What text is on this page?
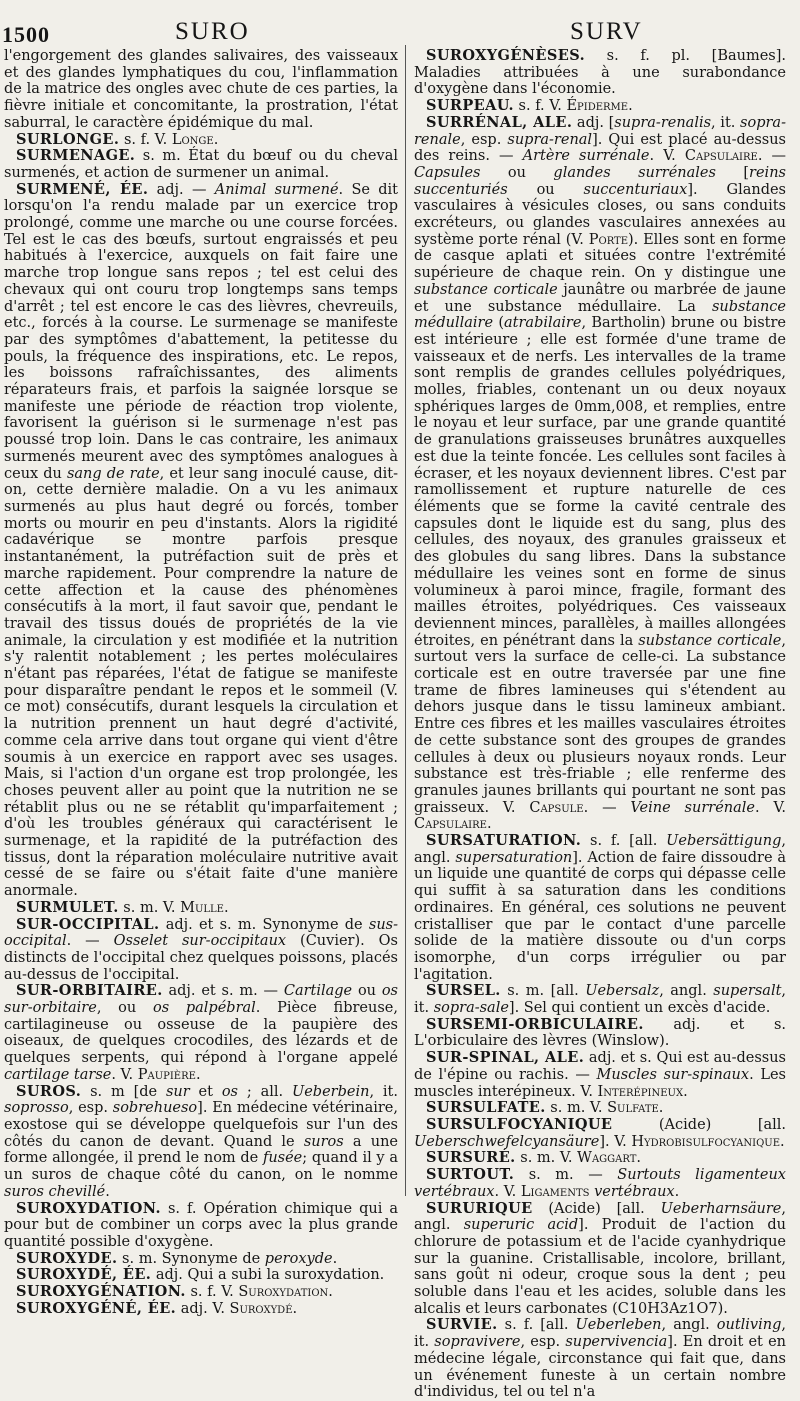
1500	SURO	SURV

l'engorgement des glandes salivaires, des vaisseaux et des glandes lymphatiques du cou, l'inflammation de la matrice des ongles avec chute de ces parties, la fièvre initiale et concomitante, la prostration, l'état saburral, le caractère épidémique du mal.

SURLONGE. s. f. V. Longe.

SURMENAGE. s. m. État du bœuf ou du cheval surmenés, et action de surmener un animal.

SURMENÉ, ÉE. adj. — Animal surmené. Se dit lorsqu'on l'a rendu malade par un exercice trop prolongé, comme une marche ou une course forcées. Tel est le cas des bœufs, surtout engraissés et peu habitués à l'exercice, auxquels on fait faire une marche trop longue sans repos ; tel est celui des chevaux qui ont couru trop longtemps sans temps d'arrêt ; tel est encore le cas des lièvres, chevreuils, etc., forcés à la course. Le surmenage se manifeste par des symptômes d'abattement, la petitesse du pouls, la fréquence des inspirations, etc. Le repos, les boissons rafraîchissantes, des aliments réparateurs frais, et parfois la saignée lorsque se manifeste une période de réaction trop violente, favorisent la guérison si le surmenage n'est pas poussé trop loin. Dans le cas contraire, les animaux surmenés meurent avec des symptômes analogues à ceux du sang de rate, et leur sang inoculé cause, dit-on, cette dernière maladie. On a vu les animaux surmenés au plus haut degré ou forcés, tomber morts ou mourir en peu d'instants. Alors la rigidité cadavérique se montre parfois presque instantanément, la putréfaction suit de près et marche rapidement. Pour comprendre la nature de cette affection et la cause des phénomènes consécutifs à la mort, il faut savoir que, pendant le travail des tissus doués de propriétés de la vie animale, la circulation y est modifiée et la nutrition s'y ralentit notablement ; les pertes moléculaires n'étant pas réparées, l'état de fatigue se manifeste pour disparaître pendant le repos et le sommeil (V. ce mot) consécutifs, durant lesquels la circulation et la nutrition prennent un haut degré d'activité, comme cela arrive dans tout organe qui vient d'être soumis à un exercice en rapport avec ses usages. Mais, si l'action d'un organe est trop prolongée, les choses peuvent aller au point que la nutrition ne se rétablit plus ou ne se rétablit qu'imparfaitement ; d'où les troubles généraux qui caractérisent le surmenage, et la rapidité de la putréfaction des tissus, dont la réparation moléculaire nutritive avait cessé de se faire ou s'était faite d'une manière anormale.

SURMULET. s. m. V. Mulle.

SUR-OCCIPITAL. adj. et s. m. Synonyme de sus-occipital. — Osselet sur-occipitaux (Cuvier). Os distincts de l'occipital chez quelques poissons, placés au-dessus de l'occipital.

SUR-ORBITAIRE. adj. et s. m. — Cartilage ou os sur-orbitaire, ou os palpébral. Pièce fibreuse, cartilagineuse ou osseuse de la paupière des oiseaux, de quelques crocodiles, des lézards et de quelques serpents, qui répond à l'organe appelé cartilage tarse. V. Paupière.

SUROS. s. m [de sur et os ; all. Ueberbein, it. soprosso, esp. sobrehueso]. En médecine vétérinaire, exostose qui se développe quelquefois sur l'un des côtés du canon de devant. Quand le suros a une forme allongée, il prend le nom de fusée; quand il y a un suros de chaque côté du canon, on le nomme suros chevillé.

SUROXYDATION. s. f. Opération chimique qui a pour but de combiner un corps avec la plus grande quantité possible d'oxygène.

SUROXYDE. s. m. Synonyme de peroxyde.

SUROXYDÉ, ÉE. adj. Qui a subi la suroxydation.

SUROXYGÉNATION. s. f. V. Suroxydation.

SUROXYGÉNÉ, ÉE. adj. V. Suroxydé.

SUROXYGÉNÈSES. s. f. pl. [Baumes]. Maladies attribuées à une surabondance d'oxygène dans l'économie.

SURPEAU. s. f. V. Épiderme.

SURRÉNAL, ALE. adj. [supra-renalis, it. sopra-renale, esp. supra-renal]. Qui est placé au-dessus des reins. — Artère surrénale. V. Capsulaire. — Capsules ou glandes surrénales [reins succenturiés ou succenturiaux]. Glandes vasculaires à vésicules closes, ou sans conduits excréteurs, ou glandes vasculaires annexées au système porte rénal (V. Porte). Elles sont en forme de casque aplati et situées contre l'extrémité supérieure de chaque rein. On y distingue une substance corticale jaunâtre ou marbrée de jaune et une substance médullaire. La substance médullaire (atrabilaire, Bartholin) brune ou bistre est intérieure ; elle est formée d'une trame de vaisseaux et de nerfs. Les intervalles de la trame sont remplis de grandes cellules polyédriques, molles, friables, contenant un ou deux noyaux sphériques larges de 0mm,008, et remplies, entre le noyau et leur surface, par une grande quantité de granulations graisseuses brunâtres auxquelles est due la teinte foncée. Les cellules sont faciles à écraser, et les noyaux deviennent libres. C'est par ramollissement et rupture naturelle de ces éléments que se forme la cavité centrale des capsules dont le liquide est du sang, plus des cellules, des noyaux, des granules graisseux et des globules du sang libres. Dans la substance médullaire les veines sont en forme de sinus volumineux à paroi mince, fragile, formant des mailles étroites, polyédriques. Ces vaisseaux deviennent minces, parallèles, à mailles allongées étroites, en pénétrant dans la substance corticale, surtout vers la surface de celle-ci. La substance corticale est en outre traversée par une fine trame de fibres lamineuses qui s'étendent au dehors jusque dans le tissu lamineux ambiant. Entre ces fibres et les mailles vasculaires étroites de cette substance sont des groupes de grandes cellules à deux ou plusieurs noyaux ronds. Leur substance est très-friable ; elle renferme des granules jaunes brillants qui pourtant ne sont pas graisseux. V. Capsule. — Veine surrénale. V. Capsulaire.

SURSATURATION. s. f. [all. Uebersättigung, angl. supersaturation]. Action de faire dissoudre à un liquide une quantité de corps qui dépasse celle qui suffit à sa saturation dans les conditions ordinaires. En général, ces solutions ne peuvent cristalliser que par le contact d'une parcelle solide de la matière dissoute ou d'un corps isomorphe, d'un corps irrégulier ou par l'agitation.

SURSEL. s. m. [all. Uebersalz, angl. supersalt, it. sopra-sale]. Sel qui contient un excès d'acide.

SURSEMI-ORBICULAIRE. adj. et s. L'orbiculaire des lèvres (Winslow).

SUR-SPINAL, ALE. adj. et s. Qui est au-dessus de l'épine ou rachis. — Muscles sur-spinaux. Les muscles interépineux. V. Interépineux.

SURSULFATE. s. m. V. Sulfate.

SURSULFOCYANIQUE (Acide) [all. Ueberschwefelcyansäure]. V. Hydrobisulfocyanique.

SURSURÉ. s. m. V. Waggart.

SURTOUT. s. m. — Surtouts ligamenteux vertébraux. V. Ligaments vertébraux.

SURURIQUE (Acide) [all. Ueberharnsäure, angl. superuric acid]. Produit de l'action du chlorure de potassium et de l'acide cyanhydrique sur la guanine. Cristallisable, incolore, brillant, sans goût ni odeur, croque sous la dent ; peu soluble dans l'eau et les acides, soluble dans les alcalis et leurs carbonates (C10H3Az1O7).

SURVIE. s. f. [all. Ueberleben, angl. outliving, it. sopravivere, esp. supervivencia]. En droit et en médecine légale, circonstance qui fait que, dans un événement funeste à un certain nombre d'individus, tel ou tel n'a
